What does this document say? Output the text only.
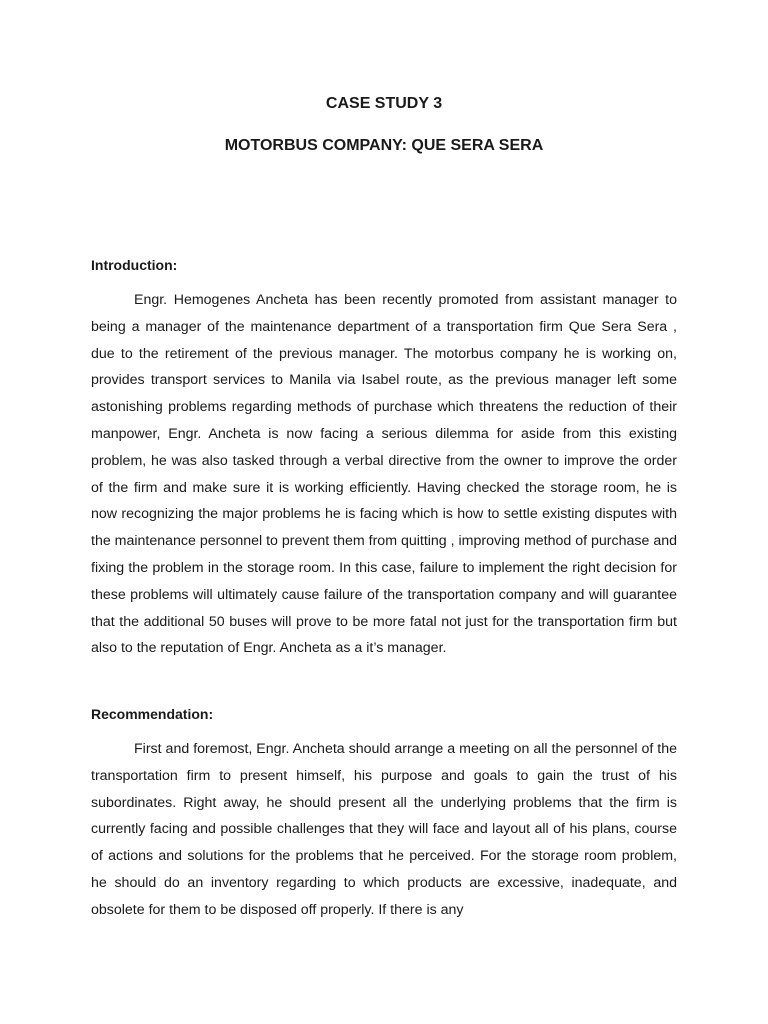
CASE STUDY 3
MOTORBUS COMPANY: QUE SERA SERA
Introduction:

Engr. Hemogenes Ancheta has been recently promoted from assistant manager to being a manager of the maintenance department of a transportation firm Que Sera Sera , due to the retirement of the previous manager. The motorbus company he is working on, provides transport services to Manila via Isabel route, as the previous manager left some astonishing problems regarding methods of purchase which threatens the reduction of their manpower, Engr. Ancheta is now facing a serious dilemma for aside from this existing problem, he was also tasked through a verbal directive from the owner to improve the order of the firm and make sure it is working efficiently. Having checked the storage room, he is now recognizing the major problems he is facing which is how to settle existing disputes with the maintenance personnel to prevent them from quitting , improving method of purchase and fixing the problem in the storage room. In this case, failure to implement the right decision for these problems will ultimately cause failure of the transportation company and will guarantee that the additional 50 buses will prove to be more fatal not just for the transportation firm but also to the reputation of Engr. Ancheta as a it’s manager.

Recommendation:

First and foremost, Engr. Ancheta should arrange a meeting on all the personnel of the transportation firm to present himself, his purpose and goals to gain the trust of his subordinates. Right away, he should present all the underlying problems that the firm is currently facing and possible challenges that they will face and layout all of his plans, course of actions and solutions for the problems that he perceived. For the storage room problem, he should do an inventory regarding to which products are excessive, inadequate, and obsolete for them to be disposed off properly. If there is any
